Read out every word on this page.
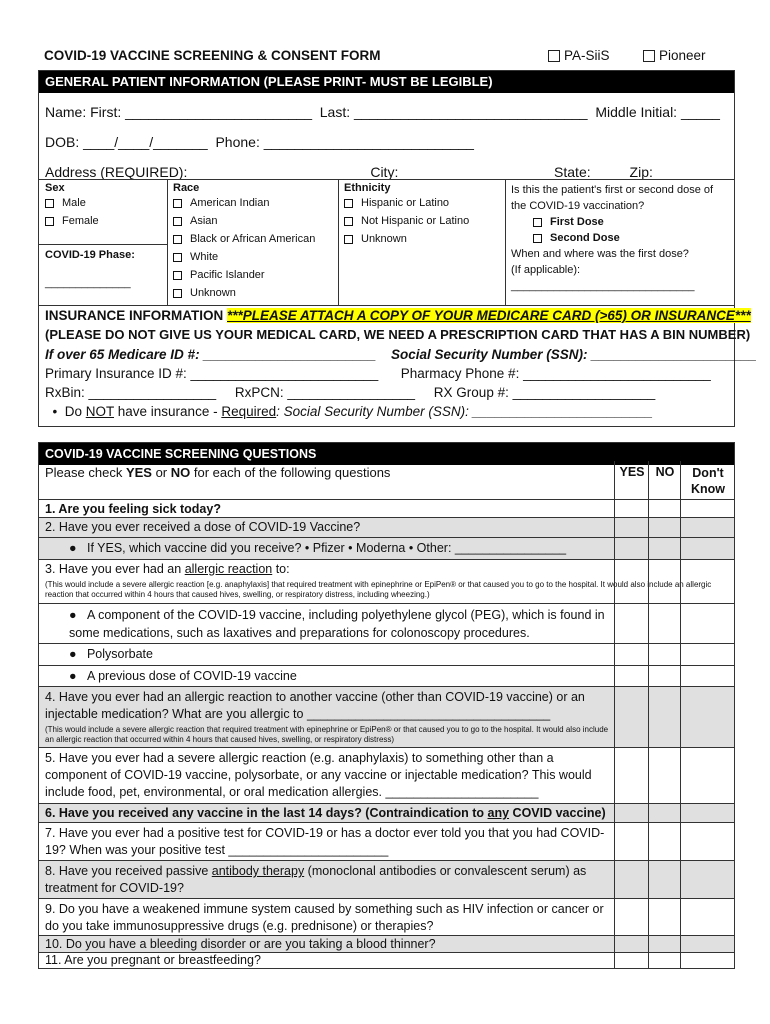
COVID-19 VACCINE SCREENING & CONSENT FORM	PA-SiiS	Pioneer
GENERAL PATIENT INFORMATION (PLEASE PRINT- MUST BE LEGIBLE)
Name: First: ________________________  Last: ______________________________  Middle Initial: _____
DOB: ____/____/_______  Phone: ___________________________
Address (REQUIRED):_______________________ City: ___________________ State: ____ Zip: _______
Sex
Male
Female
COVID-19 Phase:
______________
Race
American Indian
Asian
Black or African American
White
Pacific Islander
Unknown
Ethnicity
Hispanic or Latino
Not Hispanic or Latino
Unknown
Is this the patient's first or second dose of the COVID-19 vaccination?
First Dose
Second Dose
When and where was the first dose?
(If applicable):
______________________________
INSURANCE INFORMATION ***PLEASE ATTACH A COPY OF YOUR MEDICARE CARD (>65) OR INSURANCE***
(PLEASE DO NOT GIVE US YOUR MEDICAL CARD, WE NEED A PRESCRIPTION CARD THAT HAS A BIN NUMBER)
If over 65 Medicare ID #: _______________________    Social Security Number (SSN): ______________________
Primary Insurance ID #: _________________________      Pharmacy Phone #: _________________________
RxBin: _________________     RxPCN: _________________     RX Group #: ___________________
•  Do NOT have insurance - Required: Social Security Number (SSN): ________________________
COVID-19 VACCINE SCREENING QUESTIONS
Please check YES or NO for each of the following questions	YES NO	Don't Know
1. Are you feeling sick today?
2. Have you ever received a dose of COVID-19 Vaccine?
●   If YES, which vaccine did you receive? • Pfizer • Moderna • Other: ________________
3. Have you ever had an allergic reaction to:
(This would include a severe allergic reaction [e.g. anaphylaxis] that required treatment with epinephrine or EpiPen® or that caused you to go to the hospital. It would also include an allergic reaction that occurred within 4 hours that caused hives, swelling, or respiratory distress, including wheezing.)
●   A component of the COVID-19 vaccine, including polyethylene glycol (PEG), which is found in some medications, such as laxatives and preparations for colonoscopy procedures.
●   Polysorbate
●   A previous dose of COVID-19 vaccine
4. Have you ever had an allergic reaction to another vaccine (other than COVID-19 vaccine) or an injectable medication? What are you allergic to ___________________________________
(This would include a severe allergic reaction that required treatment with epinephrine or EpiPen® or that caused you to go to the hospital. It would also include an allergic reaction that occurred within 4 hours that caused hives, swelling, or respiratory distress)
5. Have you ever had a severe allergic reaction (e.g. anaphylaxis) to something other than a component of COVID-19 vaccine, polysorbate, or any vaccine or injectable medication? This would include food, pet, environmental, or oral medication allergies. ______________________
6. Have you received any vaccine in the last 14 days? (Contraindication to any COVID vaccine)
7. Have you ever had a positive test for COVID-19 or has a doctor ever told you that you had COVID-19? When was your positive test _______________________
8. Have you received passive antibody therapy (monoclonal antibodies or convalescent serum) as treatment for COVID-19?
9. Do you have a weakened immune system caused by something such as HIV infection or cancer or do you take immunosuppressive drugs (e.g. prednisone) or therapies?
10. Do you have a bleeding disorder or are you taking a blood thinner?
11. Are you pregnant or breastfeeding?
